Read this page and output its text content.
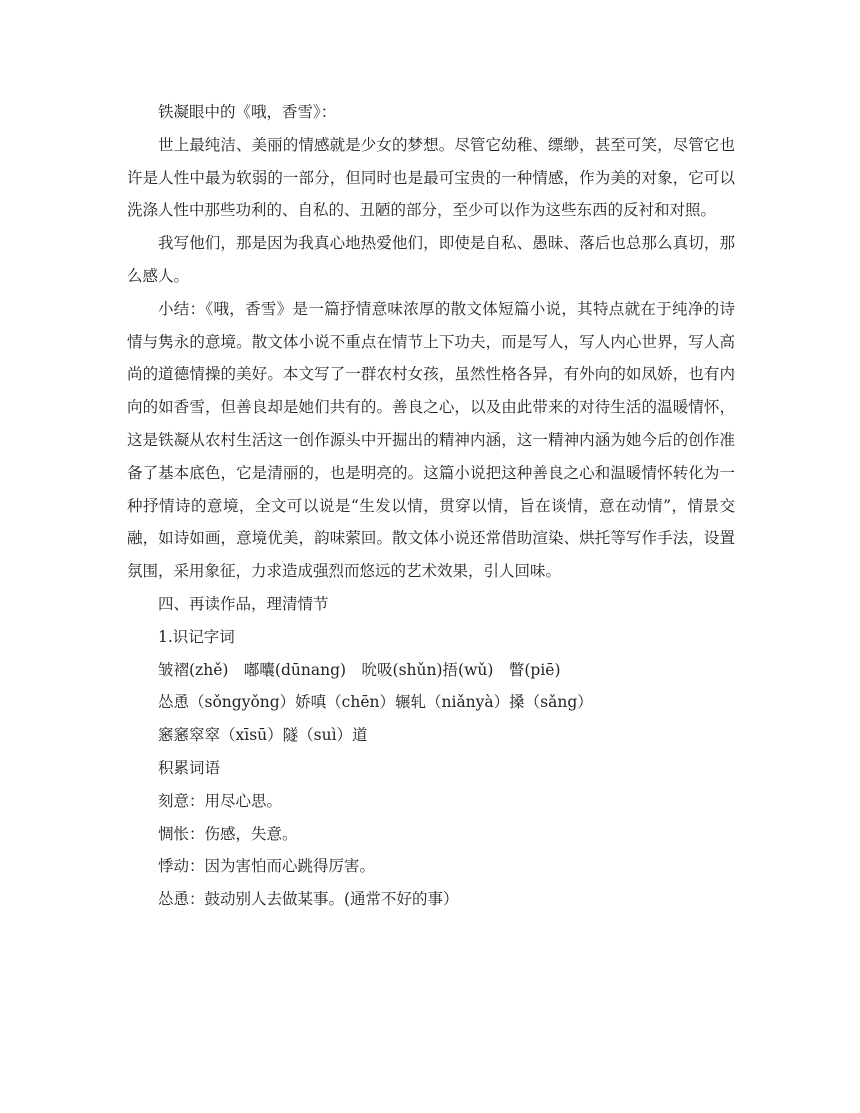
铁凝眼中的《哦，香雪》：

世上最纯洁、美丽的情感就是少女的梦想。尽管它幼稚、缥缈，甚至可笑，尽管它也许是人性中最为软弱的一部分，但同时也是最可宝贵的一种情感，作为美的对象，它可以洗涤人性中那些功利的、自私的、丑陋的部分，至少可以作为这些东西的反衬和对照。

我写他们，那是因为我真心地热爱他们，即使是自私、愚昧、落后也总那么真切，那么感人。

小结：《哦，香雪》是一篇抒情意味浓厚的散文体短篇小说，其特点就在于纯净的诗情与隽永的意境。散文体小说不重点在情节上下功夫，而是写人，写人内心世界，写人高尚的道德情操的美好。本文写了一群农村女孩，虽然性格各异，有外向的如凤娇，也有内向的如香雪，但善良却是她们共有的。善良之心，以及由此带来的对待生活的温暖情怀，这是铁凝从农村生活这一创作源头中开掘出的精神内涵，这一精神内涵为她今后的创作准备了基本底色，它是清丽的，也是明亮的。这篇小说把这种善良之心和温暖情怀转化为一种抒情诗的意境，全文可以说是“生发以情，贯穿以情，旨在谈情，意在动情”，情景交融，如诗如画，意境优美，韵味萦回。散文体小说还常借助渲染、烘托等写作手法，设置氛围，采用象征，力求造成强烈而悠远的艺术效果，引人回味。

四、再读作品，理清情节

1.识记字词

皱褶(zhě)　嘟囔(dūnang)　吮吸(shǔn)捂(wǔ)　瞥(piē)

怂恿（sǒngyǒng）娇嗔（chēn）辗轧（niǎnyà）搡（sǎng）

窸窸窣窣（xīsū）隧（suì）道

积累词语

刻意：用尽心思。

惆怅：伤感，失意。

悸动：因为害怕而心跳得厉害。

怂恿：鼓动别人去做某事。(通常不好的事）
